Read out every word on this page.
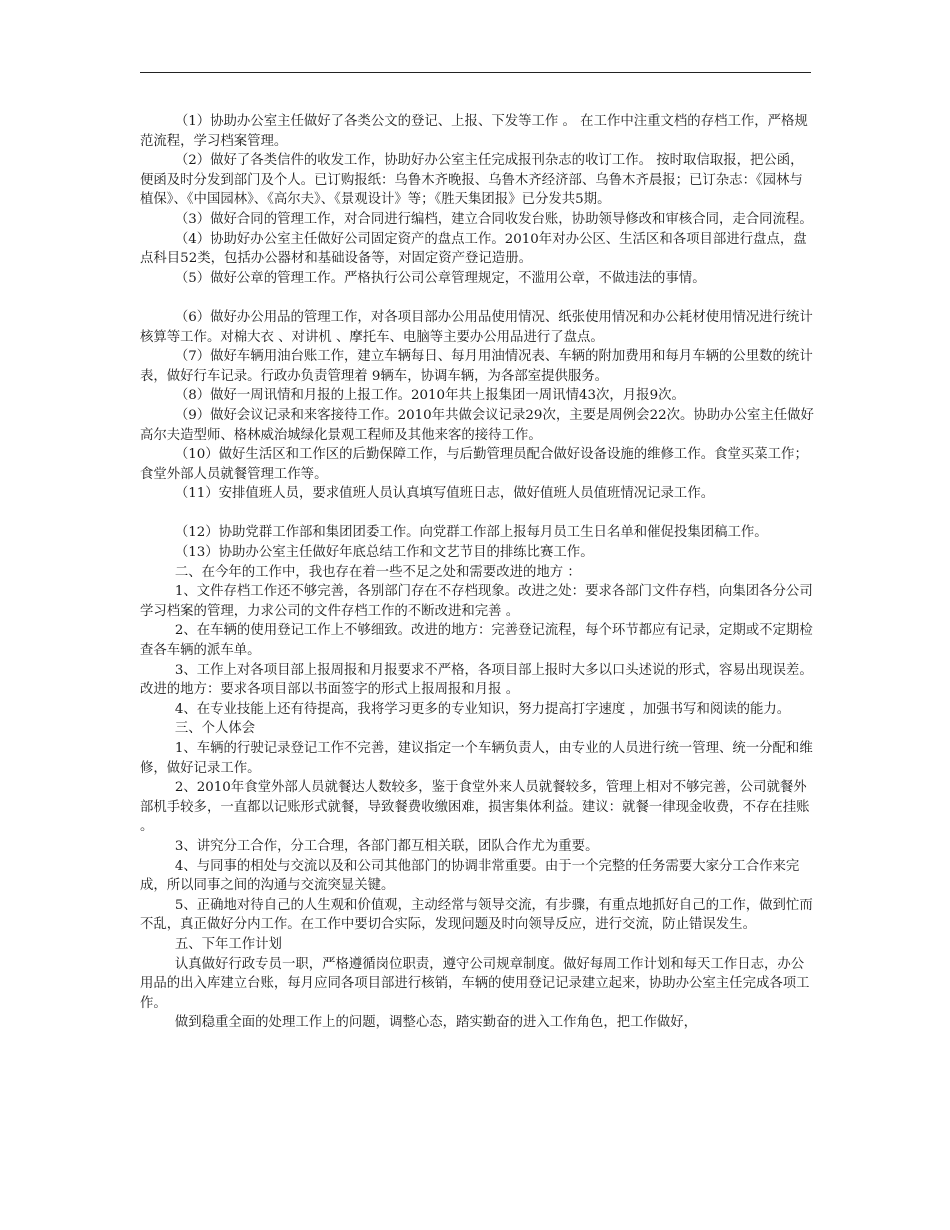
（1）协助办公室主任做好了各类公文的登记、上报、下发等工作 。 在工作中注重文档的存档工作，严格规范流程，学习档案管理。

（2）做好了各类信件的收发工作，协助好办公室主任完成报刊杂志的收订工作。 按时取信取报，把公函，便函及时分发到部门及个人。已订购报纸：乌鲁木齐晚报、乌鲁木齐经济部、乌鲁木齐晨报；已订杂志：《园林与植保》、《中国园林》、《高尔夫》、《景观设计》等；《胜天集团报》已分发共5期。

（3）做好合同的管理工作，对合同进行编档，建立合同收发台账，协助领导修改和审核合同，走合同流程。

（4）协助好办公室主任做好公司固定资产的盘点工作。2010年对办公区、生活区和各项目部进行盘点，盘点科目52类，包括办公器材和基础设备等，对固定资产登记造册。

（5）做好公章的管理工作。严格执行公司公章管理规定，不滥用公章，不做违法的事情。

（6）做好办公用品的管理工作，对各项目部办公用品使用情况、纸张使用情况和办公耗材使用情况进行统计核算等工作。对棉大衣 、对讲机 、摩托车、电脑等主要办公用品进行了盘点。

（7）做好车辆用油台账工作，建立车辆每日、每月用油情况表、车辆的附加费用和每月车辆的公里数的统计表，做好行车记录。行政办负责管理着 9辆车，协调车辆，为各部室提供服务。

（8）做好一周讯情和月报的上报工作。2010年共上报集团一周讯情43次，月报9次。

（9）做好会议记录和来客接待工作。2010年共做会议记录29次，主要是周例会22次。协助办公室主任做好高尔夫造型师、格林威治城绿化景观工程师及其他来客的接待工作。

（10）做好生活区和工作区的后勤保障工作，与后勤管理员配合做好设备设施的维修工作。食堂买菜工作；食堂外部人员就餐管理工作等。

（11）安排值班人员，要求值班人员认真填写值班日志，做好值班人员值班情况记录工作。

（12）协助党群工作部和集团团委工作。向党群工作部上报每月员工生日名单和催促投集团稿工作。

（13）协助办公室主任做好年底总结工作和文艺节目的排练比赛工作。

二、在今年的工作中，我也存在着一些不足之处和需要改进的地方 ：

1、文件存档工作还不够完善，各别部门存在不存档现象。改进之处：要求各部门文件存档，向集团各分公司学习档案的管理，力求公司的文件存档工作的不断改进和完善 。

2、在车辆的使用登记工作上不够细致。改进的地方：完善登记流程，每个环节都应有记录，定期或不定期检查各车辆的派车单。

3、工作上对各项目部上报周报和月报要求不严格，各项目部上报时大多以口头述说的形式，容易出现误差。改进的地方：要求各项目部以书面签字的形式上报周报和月报 。

4、在专业技能上还有待提高，我将学习更多的专业知识，努力提高打字速度 ，加强书写和阅读的能力。

三、个人体会

1、车辆的行驶记录登记工作不完善，建议指定一个车辆负责人，由专业的人员进行统一管理、统一分配和维修，做好记录工作。

2、2010年食堂外部人员就餐达人数较多，鉴于食堂外来人员就餐较多，管理上相对不够完善，公司就餐外部机手较多，一直都以记账形式就餐，导致餐费收缴困难，损害集体利益。建议：就餐一律现金收费，不存在挂账 。

3、讲究分工合作，分工合理，各部门都互相关联，团队合作尤为重要。

4、与同事的相处与交流以及和公司其他部门的协调非常重要。由于一个完整的任务需要大家分工合作来完成，所以同事之间的沟通与交流突显关键。

5、正确地对待自己的人生观和价值观，主动经常与领导交流，有步骤，有重点地抓好自己的工作，做到忙而不乱，真正做好分内工作。在工作中要切合实际，发现问题及时向领导反应，进行交流，防止错误发生。

五、下年工作计划

认真做好行政专员一职，严格遵循岗位职责，遵守公司规章制度。做好每周工作计划和每天工作日志，办公用品的出入库建立台账，每月应同各项目部进行核销，车辆的使用登记记录建立起来，协助办公室主任完成各项工作。

做到稳重全面的处理工作上的问题，调整心态，踏实勤奋的进入工作角色，把工作做好，
